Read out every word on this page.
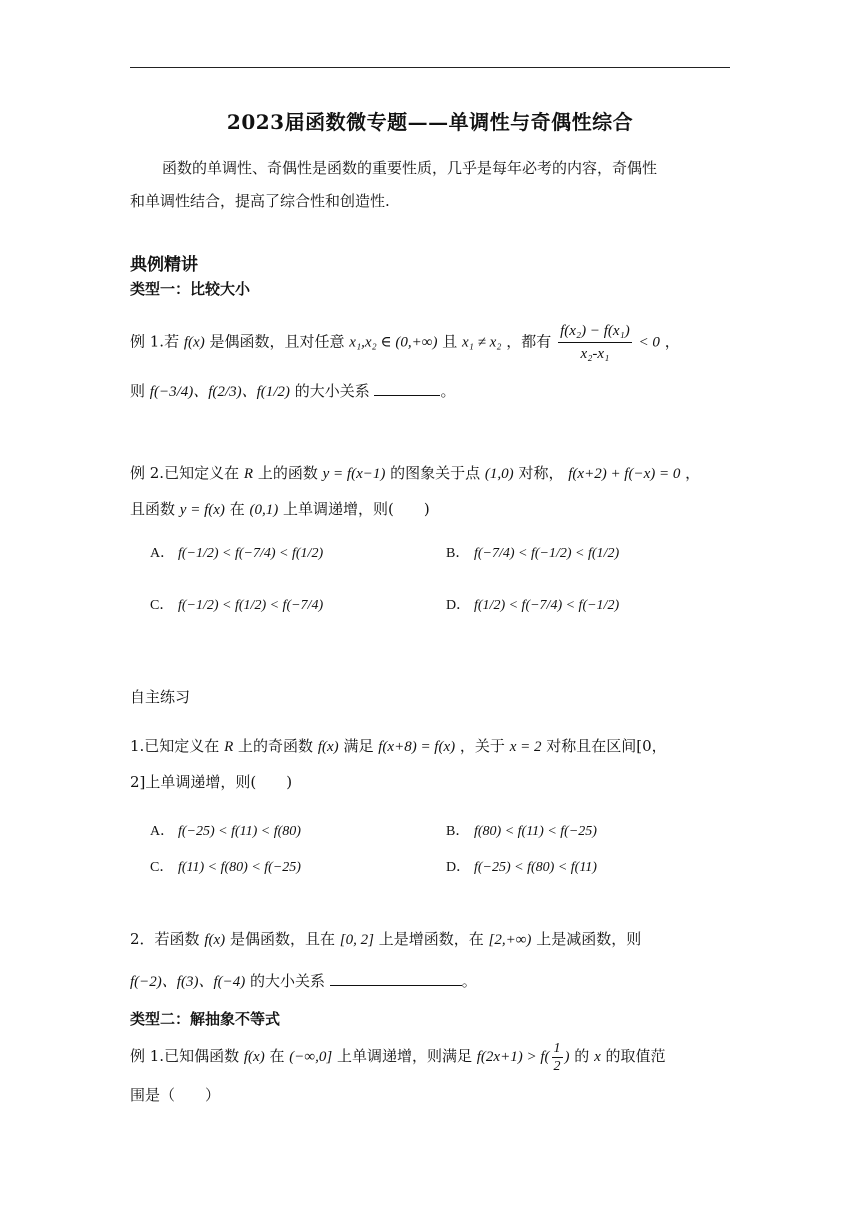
2023届函数微专题——单调性与奇偶性综合
函数的单调性、奇偶性是函数的重要性质，几乎是每年必考的内容，奇偶性
和单调性结合，提高了综合性和创造性.
典例精讲
类型一：比较大小
例 1.若 f(x) 是偶函数，且对任意 x₁,x₂ ∈ (0,+∞) 且 x₁ ≠ x₂ ，都有 $\frac{\text{f(x₂) − f(x₁)}}{\text{x₂-x₁}} < 0$ ，
则 f(−3/4)、f(2/3)、f(1/2) 的大小关系	。
例 2.已知定义在 R 上的函数 y = f(x−1) 的图象关于点 (1,0) 对称， f(x+2) + f(−x) = 0 ，
且函数 y = f(x) 在 (0,1) 上单调递增，则(　　)
A． f(−1/2) < f(−7/4) < f(1/2)	B． f(−7/4) < f(−1/2) < f(1/2)
C． f(−1/2) < f(1/2) < f(−7/4)	D． f(1/2) < f(−7/4) < f(−1/2)
自主练习
1.已知定义在 R 上的奇函数 f(x) 满足 f(x+8) = f(x) ，关于 x = 2 对称且在区间[0，
2]上单调递增，则(　　)
A． f(−25) < f(11) < f(80)	B． f(80) < f(11) < f(−25)
C． f(11) < f(80) < f(−25)	D． f(−25) < f(80) < f(11)
2．若函数 f(x) 是偶函数，且在 [0, 2] 上是增函数，在 [2,+∞) 上是减函数，则
f(−2)、f(3)、f(−4) 的大小关系	。
类型二：解抽象不等式
例 1.已知偶函数 f(x) 在 (−∞,0] 上单调递增，则满足 $f(2x+1) > f( \frac{1}{2}$ ) 的 x 的取值范
围是（　　）
